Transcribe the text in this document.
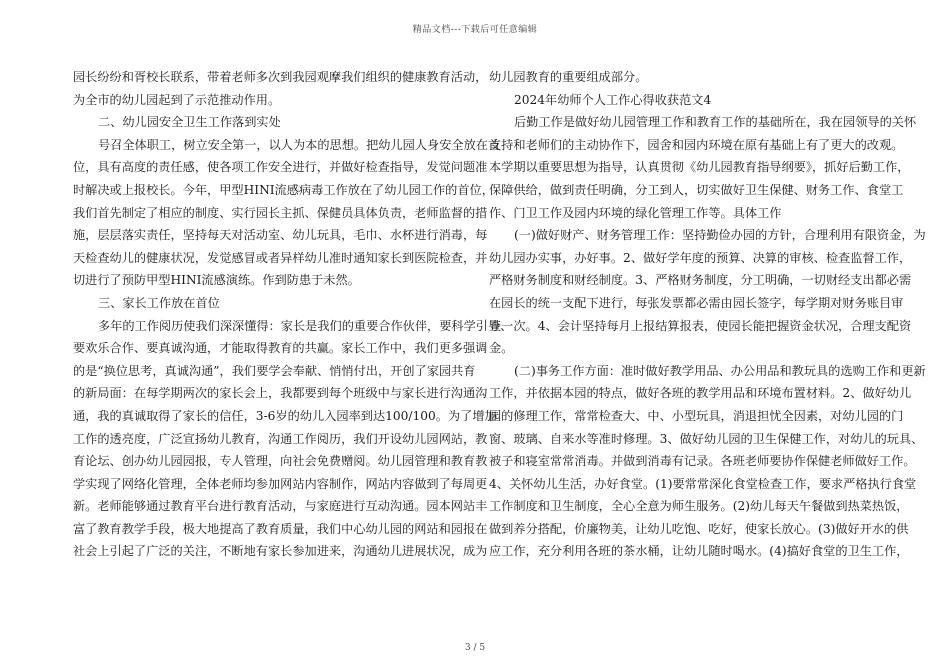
精品文档---下载后可任意编辑
园长纷纷和胥校长联系，带着老师多次到我园观摩我们组织的健康教育活动，
为全市的幼儿园起到了示范推动作用。
二、幼儿园安全卫生工作落到实处
号召全体职工，树立安全第一，以人为本的思想。把幼儿园人身安全放在首
位，具有高度的责任感，使各项工作安全进行，并做好检查指导，发觉问题准
时解决或上报校长。今年，甲型HINI流感病毒工作放在了幼儿园工作的首位，
我们首先制定了相应的制度、实行园长主抓、保健员具体负责，老师监督的措
施，层层落实责任，坚持每天对活动室、幼儿玩具，毛巾、水杯进行消毒，每
天检查幼儿的健康状况，发觉感冒或者异样幼儿准时通知家长到医院检查，并
切进行了预防甲型HINI流感演练。作到防患于未然。
三、家长工作放在首位
多年的工作阅历使我们深深懂得：家长是我们的重要合作伙伴，要科学引导、
要欢乐合作、要真诚沟通，才能取得教育的共赢。家长工作中，我们更多强调
的是“换位思考，真诚沟通”，我们要学会奉献、悄悄付出，开创了家园共育
的新局面：在每学期两次的家长会上，我都要到每个班级中与家长进行沟通沟
通，我的真诚取得了家长的信任，3-6岁的幼儿入园率到达100/100。为了增加
工作的透亮度，广泛宣扬幼儿教育，沟通工作阅历，我们开设幼儿园网站，教
育论坛、创办幼儿园园报，专人管理，向社会免费赠阅。幼儿园管理和教育教
学实现了网络化管理，全体老师均参加网站内容制作，网站内容做到了每周更
新。老师能够通过教育平台进行教育活动，与家庭进行互动沟通。园本网站丰
富了教育教学手段，极大地提高了教育质量，我们中心幼儿园的网站和园报在
社会上引起了广泛的关注，不断地有家长参加进来，沟通幼儿进展状况，成为
幼儿园教育的重要组成部分。
2024年幼师个人工作心得收获范文4
后勤工作是做好幼儿园管理工作和教育工作的基础所在，我在园领导的关怀
支持和老师们的主动协作下，园舍和园内环境在原有基础上有了更大的改观。
本学期以重要思想为指导，认真贯彻《幼儿园教育指导纲要》，抓好后勤工作，
保障供给，做到责任明确，分工到人，切实做好卫生保健、财务工作、食堂工
作、门卫工作及园内环境的绿化管理工作等。具体工作
(一)做好财产、财务管理工作：坚持勤俭办园的方针，合理利用有限资金，为
幼儿园办实事，办好事。2、做好学年度的预算、决算的审核、检查监督工作，
严格财务制度和财经制度。3、严格财务制度，分工明确，一切财经支出都必需
在园长的统一支配下进行，每张发票都必需由园长签字，每学期对财务账目审
查一次。4、会计坚持每月上报结算报表，使园长能把握资金状况，合理支配资
金。
(二)事务工作方面：准时做好教学用品、办公用品和教玩具的选购工作和更新
工作，并依据本园的特点，做好各班的教学用品和环境布置材料。2、做好幼儿
园的修理工作，常常检查大、中、小型玩具，消退担忧全因素，对幼儿园的门
窗、玻璃、自来水等准时修理。3、做好幼儿园的卫生保健工作，对幼儿的玩具、
被子和寝室常常消毒。并做到消毒有记录。各班老师要协作保健老师做好工作。
4、关怀幼儿生活，办好食堂。(1)要常常深化食堂检查工作，要求严格执行食堂
工作制度和卫生制度，全心全意为师生服务。(2)幼儿每天午餐做到热菜热饭，
做到养分搭配，价廉物美，让幼儿吃饱、吃好，使家长放心。(3)做好开水的供
应工作，充分利用各班的茶水桶，让幼儿随时喝水。(4)搞好食堂的卫生工作，
3 / 5
